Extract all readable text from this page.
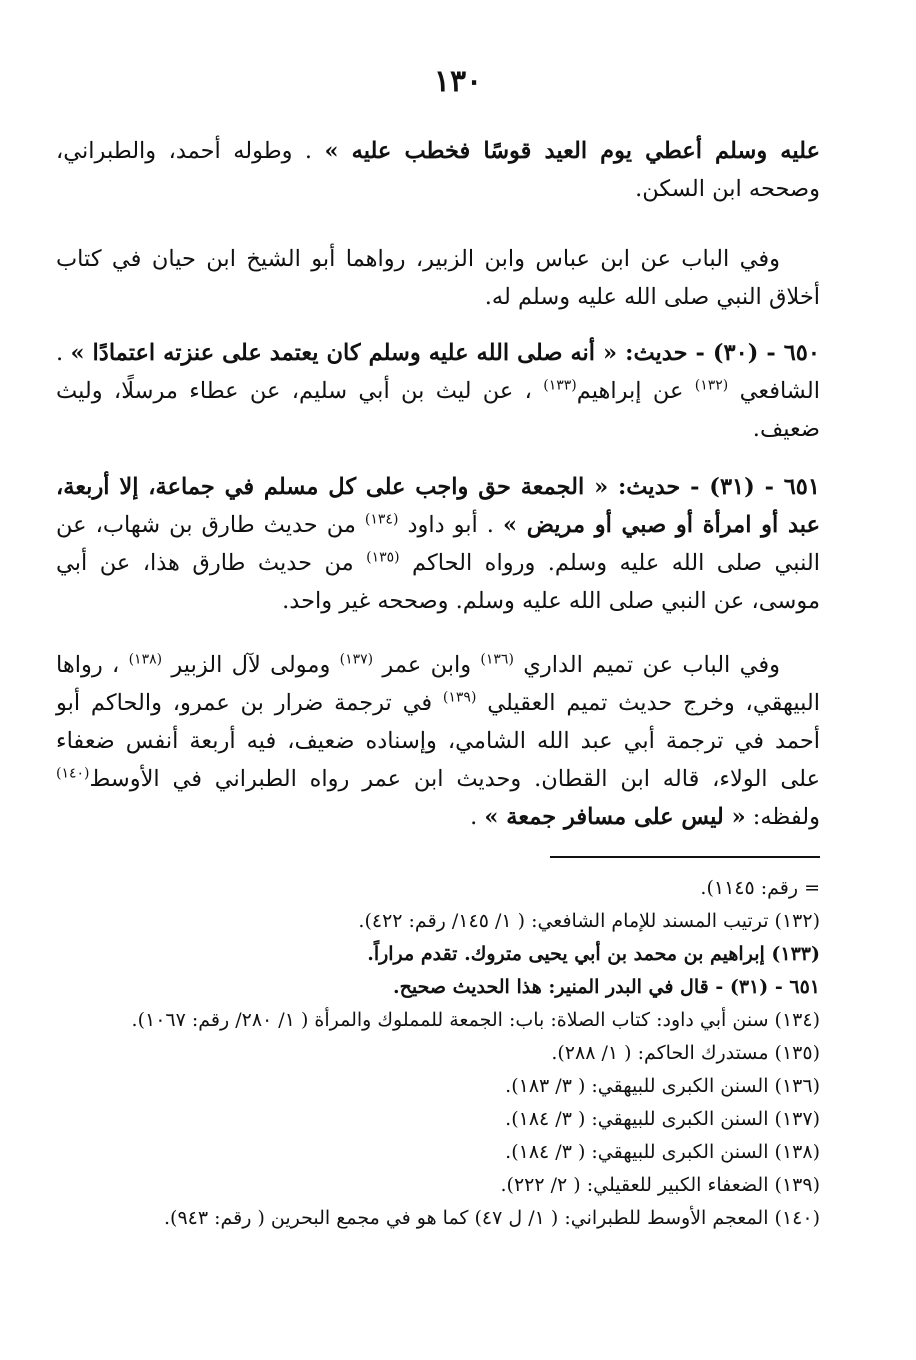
١٣٠
عليه وسلم أعطي يوم العيد قوسًا فخطب عليه » . وطوله أحمد، والطبراني، وصححه ابن السكن.
وفي الباب عن ابن عباس وابن الزبير، رواهما أبو الشيخ ابن حيان في كتاب أخلاق النبي صلى الله عليه وسلم له.
٦٥٠ - (٣٠) - حديث: « أنه صلى الله عليه وسلم كان يعتمد على عنزته اعتمادًا » . الشافعي $^{(١٣٢)}$ عن إبراهيم$^{(١٣٣)}$ ، عن ليث بن أبي سليم، عن عطاء مرسلًا، وليث ضعيف.
٦٥١ - (٣١) - حديث: « الجمعة حق واجب على كل مسلم في جماعة، إلا أربعة، عبد أو امرأة أو صبي أو مريض » . أبو داود $^{(١٣٤)}$ من حديث طارق بن شهاب، عن النبي صلى الله عليه وسلم. ورواه الحاكم $^{(١٣٥)}$ من حديث طارق هذا، عن أبي موسى، عن النبي صلى الله عليه وسلم. وصححه غير واحد.
وفي الباب عن تميم الداري $^{(١٣٦)}$ وابن عمر $^{(١٣٧)}$ ومولى لآل الزبير $^{(١٣٨)}$ ، رواها البيهقي، وخرج حديث تميم العقيلي $^{(١٣٩)}$ في ترجمة ضرار بن عمرو، والحاكم أبو أحمد في ترجمة أبي عبد الله الشامي، وإسناده ضعيف، فيه أربعة أنفس ضعفاء على الولاء، قاله ابن القطان. وحديث ابن عمر رواه الطبراني في الأوسط$^{(١٤٠)}$ ولفظه: « ليس على مسافر جمعة » .
= رقم: ١١٤٥).
(١٣٢) ترتيب المسند للإمام الشافعي: ( ١/ ١٤٥/ رقم: ٤٢٢).
(١٣٣) إبراهيم بن محمد بن أبي يحيى متروك. تقدم مراراً.
٦٥١ - (٣١) - قال في البدر المنير: هذا الحديث صحيح.
(١٣٤) سنن أبي داود: كتاب الصلاة: باب: الجمعة للمملوك والمرأة ( ١/ ٢٨٠/ رقم: ١٠٦٧).
(١٣٥) مستدرك الحاكم: ( ١/ ٢٨٨).
(١٣٦) السنن الكبرى للبيهقي: ( ٣/ ١٨٣).
(١٣٧) السنن الكبرى للبيهقي: ( ٣/ ١٨٤).
(١٣٨) السنن الكبرى للبيهقي: ( ٣/ ١٨٤).
(١٣٩) الضعفاء الكبير للعقيلي: ( ٢/ ٢٢٢).
(١٤٠) المعجم الأوسط للطبراني: ( ١/ ل ٤٧) كما هو في مجمع البحرين ( رقم: ٩٤٣).
